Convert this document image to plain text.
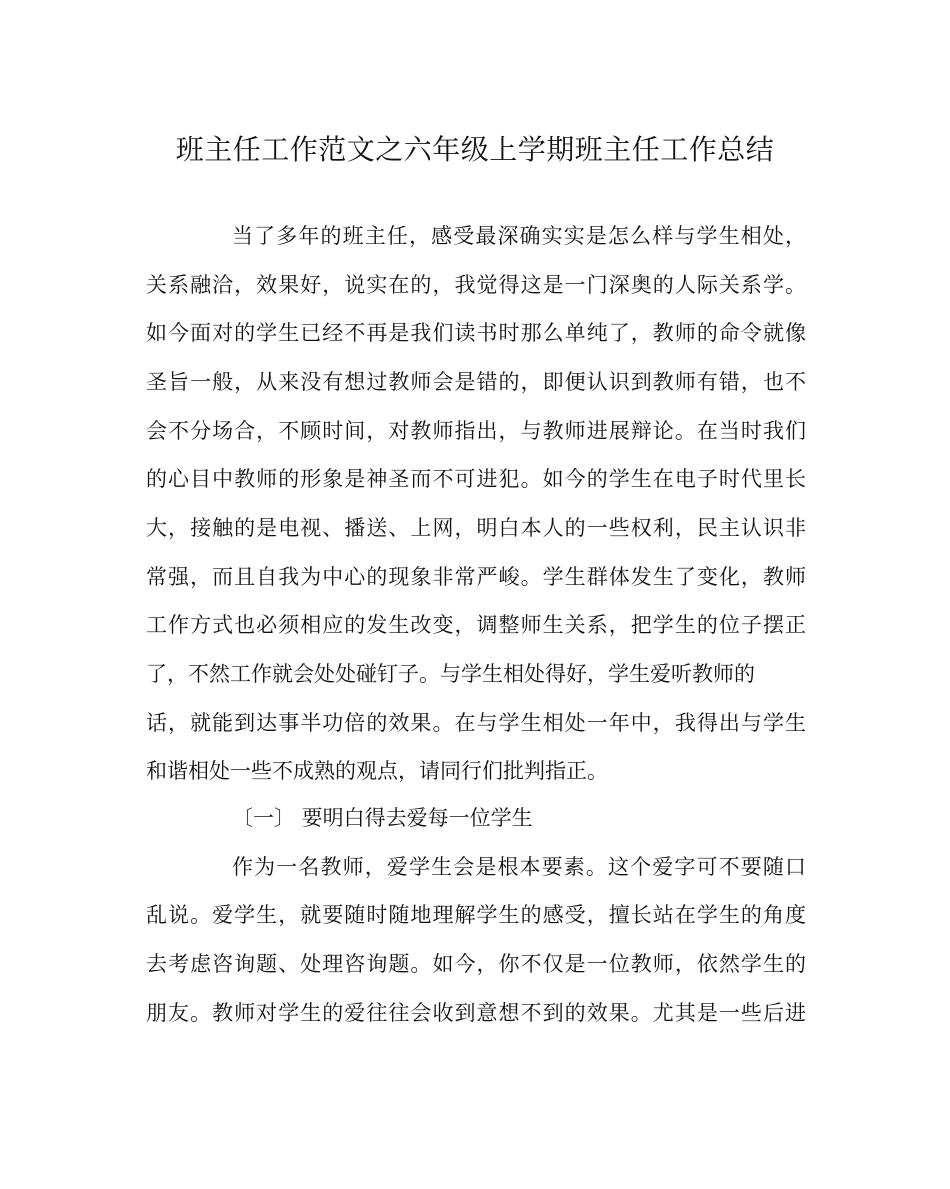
班主任工作范文之六年级上学期班主任工作总结
当了多年的班主任，感受最深确实实是怎么样与学生相处，
关系融洽，效果好，说实在的，我觉得这是一门深奥的人际关系学。
如今面对的学生已经不再是我们读书时那么单纯了，教师的命令就像
圣旨一般，从来没有想过教师会是错的，即便认识到教师有错，也不
会不分场合，不顾时间，对教师指出，与教师进展辩论。在当时我们
的心目中教师的形象是神圣而不可进犯。如今的学生在电子时代里长
大，接触的是电视、播送、上网，明白本人的一些权利，民主认识非
常强，而且自我为中心的现象非常严峻。学生群体发生了变化，教师
工作方式也必须相应的发生改变，调整师生关系，把学生的位子摆正
了，不然工作就会处处碰钉子。与学生相处得好，学生爱听教师的
话，就能到达事半功倍的效果。在与学生相处一年中，我得出与学生
和谐相处一些不成熟的观点，请同行们批判指正。
〔一〕 要明白得去爱每一位学生
作为一名教师，爱学生会是根本要素。这个爱字可不要随口
乱说。爱学生，就要随时随地理解学生的感受，擅长站在学生的角度
去考虑咨询题、处理咨询题。如今，你不仅是一位教师，依然学生的
朋友。教师对学生的爱往往会收到意想不到的效果。尤其是一些后进
